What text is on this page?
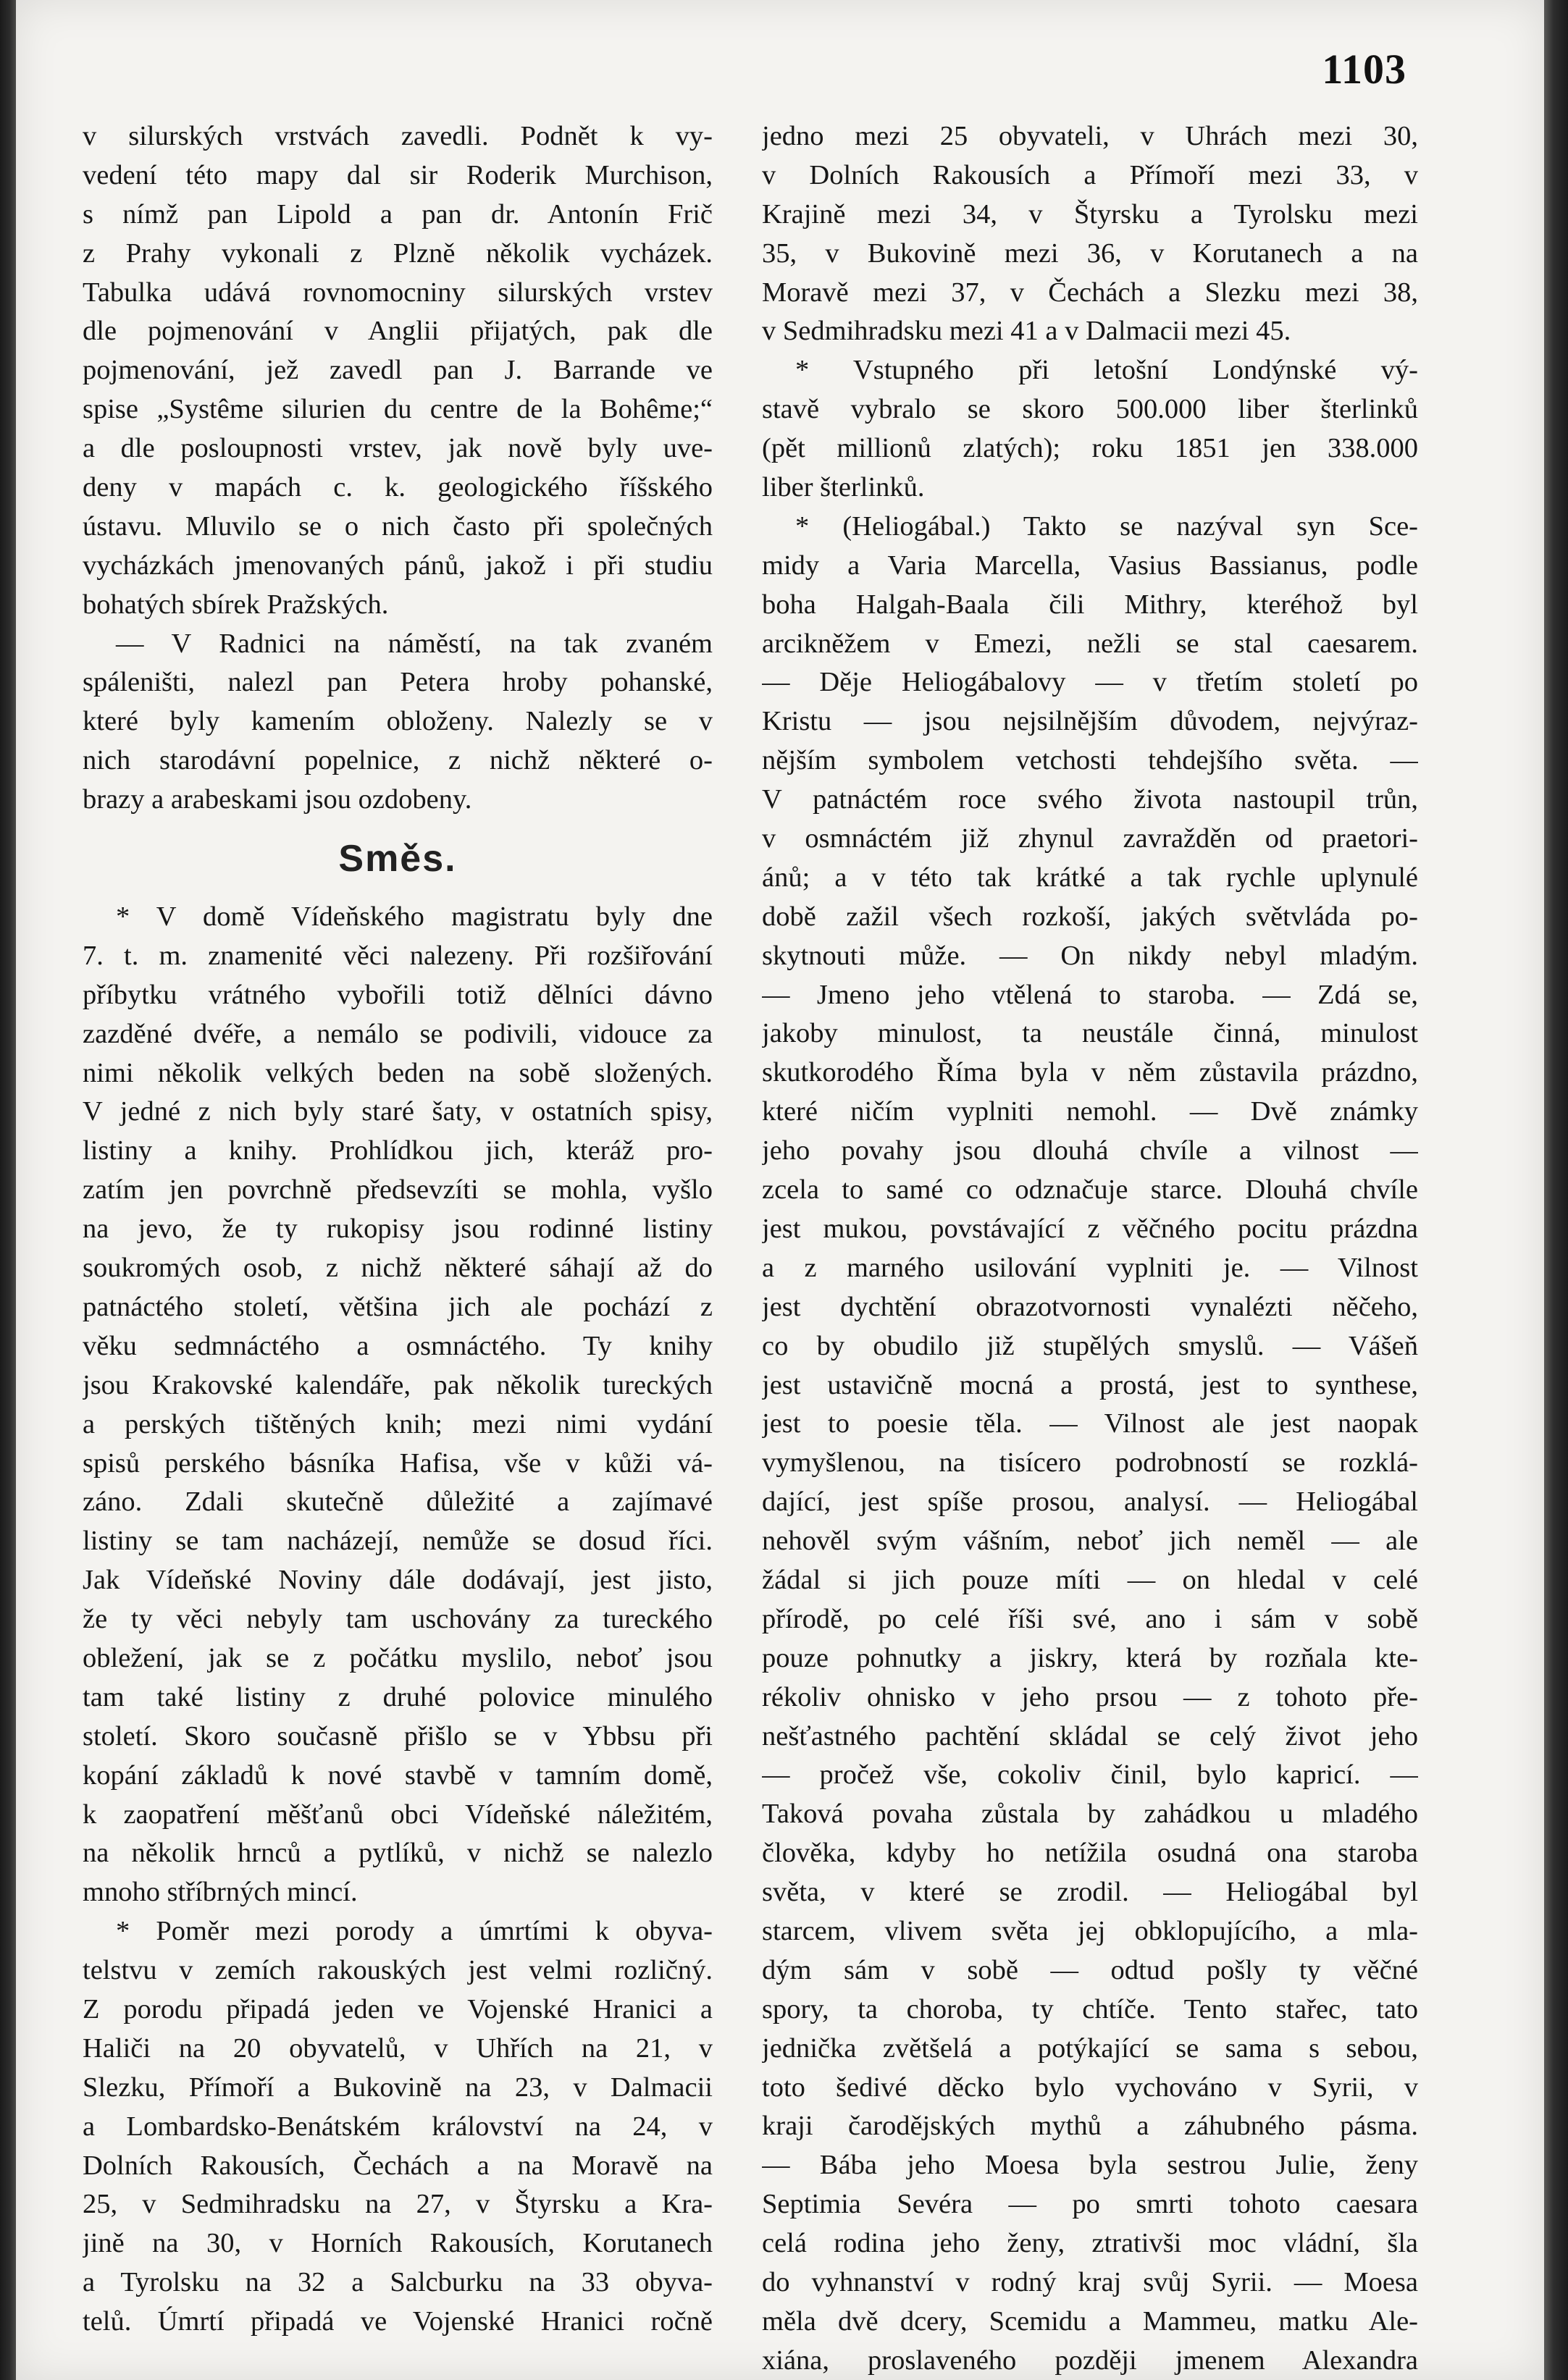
1103
v silurských vrstvách zavedli. Podnět k vy-
vedení této mapy dal sir Roderik Murchison,
s nímž pan Lipold a pan dr. Antonín Frič
z Prahy vykonali z Plzně několik vycházek.
Tabulka udává rovnomocniny silurských vrstev
dle pojmenování v Anglii přijatých, pak dle
pojmenování, jež zavedl pan J. Barrande ve
spise „Systême silurien du centre de la Bohême;“
a dle posloupnosti vrstev, jak nově byly uve-
deny v mapách c. k. geologického říšského
ústavu. Mluvilo se o nich často při společných
vycházkách jmenovaných pánů, jakož i při studiu
bohatých sbírek Pražských.
— V Radnici na náměstí, na tak zvaném
spáleništi, nalezl pan Petera hroby pohanské,
které byly kamením obloženy. Nalezly se v
nich starodávní popelnice, z nichž některé o-
brazy a arabeskami jsou ozdobeny.
Směs.
* V domě Vídeňského magistratu byly dne
7. t. m. znamenité věci nalezeny. Při rozšiřování
příbytku vrátného vybořili totiž dělníci dávno
zazděné dvéře, a nemálo se podivili, vidouce za
nimi několik velkých beden na sobě složených.
V jedné z nich byly staré šaty, v ostatních spisy,
listiny a knihy. Prohlídkou jich, kteráž pro-
zatím jen povrchně předsevzíti se mohla, vyšlo
na jevo, že ty rukopisy jsou rodinné listiny
soukromých osob, z nichž některé sáhají až do
patnáctého století, většina jich ale pochází z
věku sedmnáctého a osmnáctého. Ty knihy
jsou Krakovské kalendáře, pak několik tureckých
a perských tištěných knih; mezi nimi vydání
spisů perského básníka Hafisa, vše v kůži vá-
záno. Zdali skutečně důležité a zajímavé
listiny se tam nacházejí, nemůže se dosud říci.
Jak Vídeňské Noviny dále dodávají, jest jisto,
že ty věci nebyly tam uschovány za tureckého
obležení, jak se z počátku myslilo, neboť jsou
tam také listiny z druhé polovice minulého
století. Skoro současně přišlo se v Ybbsu při
kopání základů k nové stavbě v tamním domě,
k zaopatření měšťanů obci Vídeňské náležitém,
na několik hrnců a pytlíků, v nichž se nalezlo
mnoho stříbrných mincí.
* Poměr mezi porody a úmrtími k obyva-
telstvu v zemích rakouských jest velmi rozličný.
Z porodu připadá jeden ve Vojenské Hranici a
Haliči na 20 obyvatelů, v Uhřích na 21, v
Slezku, Přímoří a Bukovině na 23, v Dalmacii
a Lombardsko-Benátském království na 24, v
Dolních Rakousích, Čechách a na Moravě na
25, v Sedmihradsku na 27, v Štyrsku a Kra-
jině na 30, v Horních Rakousích, Korutanech
a Tyrolsku na 32 a Salcburku na 33 obyva-
telů. Úmrtí připadá ve Vojenské Hranici ročně
jedno mezi 25 obyvateli, v Uhrách mezi 30,
v Dolních Rakousích a Přímoří mezi 33, v
Krajině mezi 34, v Štyrsku a Tyrolsku mezi
35, v Bukovině mezi 36, v Korutanech a na
Moravě mezi 37, v Čechách a Slezku mezi 38,
v Sedmihradsku mezi 41 a v Dalmacii mezi 45.
* Vstupného při letošní Londýnské vý-
stavě vybralo se skoro 500.000 liber šterlinků
(pět millionů zlatých); roku 1851 jen 338.000
liber šterlinků.
* (Heliogábal.) Takto se nazýval syn Sce-
midy a Varia Marcella, Vasius Bassianus, podle
boha Halgah-Baala čili Mithry, kteréhož byl
arcikněžem v Emezi, nežli se stal caesarem.
— Děje Heliogábalovy — v třetím století po
Kristu — jsou nejsilnějším důvodem, nejvýraz-
nějším symbolem vetchosti tehdejšího světa. —
V patnáctém roce svého života nastoupil trůn,
v osmnáctém již zhynul zavražděn od praetori-
ánů; a v této tak krátké a tak rychle uplynulé
době zažil všech rozkoší, jakých světvláda po-
skytnouti může. — On nikdy nebyl mladým.
— Jmeno jeho vtělená to staroba. — Zdá se,
jakoby minulost, ta neustále činná, minulost
skutkorodého Říma byla v něm zůstavila prázdno,
které ničím vyplniti nemohl. — Dvě známky
jeho povahy jsou dlouhá chvíle a vilnost —
zcela to samé co odznačuje starce. Dlouhá chvíle
jest mukou, povstávající z věčného pocitu prázdna
a z marného usilování vyplniti je. — Vilnost
jest dychtění obrazotvornosti vynalézti něčeho,
co by obudilo již stupělých smyslů. — Vášeň
jest ustavičně mocná a prostá, jest to synthese,
jest to poesie těla. — Vilnost ale jest naopak
vymyšlenou, na tisícero podrobností se rozklá-
dající, jest spíše prosou, analysí. — Heliogábal
nehověl svým vášním, neboť jich neměl — ale
žádal si jich pouze míti — on hledal v celé
přírodě, po celé říši své, ano i sám v sobě
pouze pohnutky a jiskry, která by rozňala kte-
rékoliv ohnisko v jeho prsou — z tohoto pře-
nešťastného pachtění skládal se celý život jeho
— pročež vše, cokoliv činil, bylo kapricí. —
Taková povaha zůstala by zahádkou u mladého
člověka, kdyby ho netížila osudná ona staroba
světa, v které se zrodil. — Heliogábal byl
starcem, vlivem světa jej obklopujícího, a mla-
dým sám v sobě — odtud pošly ty věčné
spory, ta choroba, ty chtíče. Tento stařec, tato
jednička zvětšelá a potýkající se sama s sebou,
toto šedivé děcko bylo vychováno v Syrii, v
kraji čarodějských mythů a záhubného pásma.
— Bába jeho Moesa byla sestrou Julie, ženy
Septimia Sevéra — po smrti tohoto caesara
celá rodina jeho ženy, ztrativši moc vládní, šla
do vyhnanství v rodný kraj svůj Syrii. — Moesa
měla dvě dcery, Scemidu a Mammeu, matku Ale-
xiána, proslaveného později jmenem Alexandra
